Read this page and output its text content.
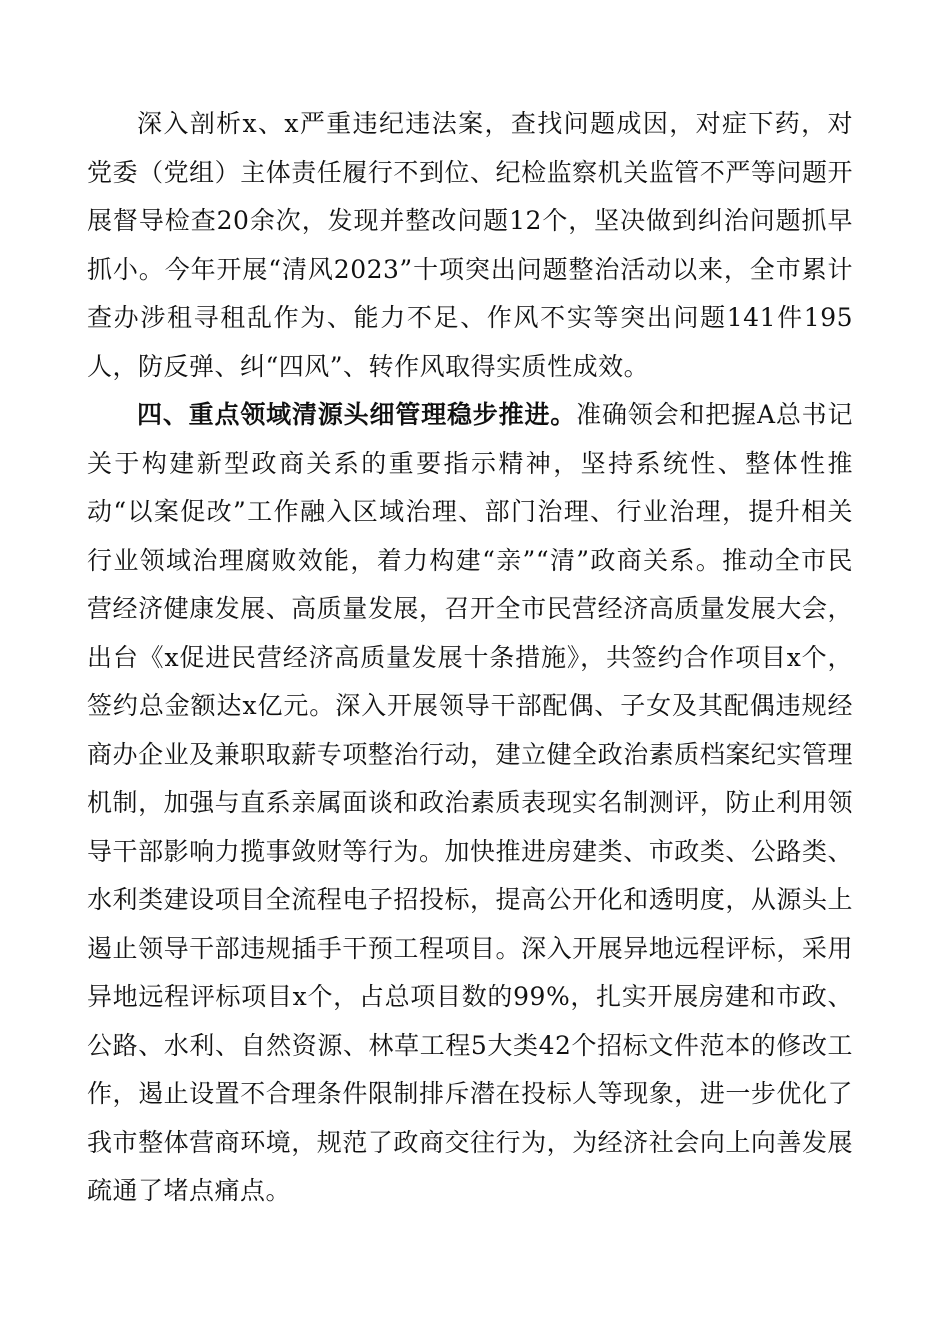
深入剖析x、x严重违纪违法案，查找问题成因，对症下药，对党委（党组）主体责任履行不到位、纪检监察机关监管不严等问题开展督导检查20余次，发现并整改问题12个，坚决做到纠治问题抓早抓小。今年开展“清风2023”十项突出问题整治活动以来，全市累计查办涉租寻租乱作为、能力不足、作风不实等突出问题141件195人，防反弹、纠“四风”、转作风取得实质性成效。

四、重点领域清源头细管理稳步推进。准确领会和把握A总书记关于构建新型政商关系的重要指示精神，坚持系统性、整体性推动“以案促改”工作融入区域治理、部门治理、行业治理，提升相关行业领域治理腐败效能，着力构建“亲”“清”政商关系。推动全市民营经济健康发展、高质量发展，召开全市民营经济高质量发展大会，出台《x促进民营经济高质量发展十条措施》，共签约合作项目x个，签约总金额达x亿元。深入开展领导干部配偶、子女及其配偶违规经商办企业及兼职取薪专项整治行动，建立健全政治素质档案纪实管理机制，加强与直系亲属面谈和政治素质表现实名制测评，防止利用领导干部影响力揽事敛财等行为。加快推进房建类、市政类、公路类、水利类建设项目全流程电子招投标，提高公开化和透明度，从源头上遏止领导干部违规插手干预工程项目。深入开展异地远程评标，采用异地远程评标项目x个，占总项目数的99%，扎实开展房建和市政、公路、水利、自然资源、林草工程5大类42个招标文件范本的修改工作，遏止设置不合理条件限制排斥潜在投标人等现象，进一步优化了我市整体营商环境，规范了政商交往行为，为经济社会向上向善发展疏通了堵点痛点。
